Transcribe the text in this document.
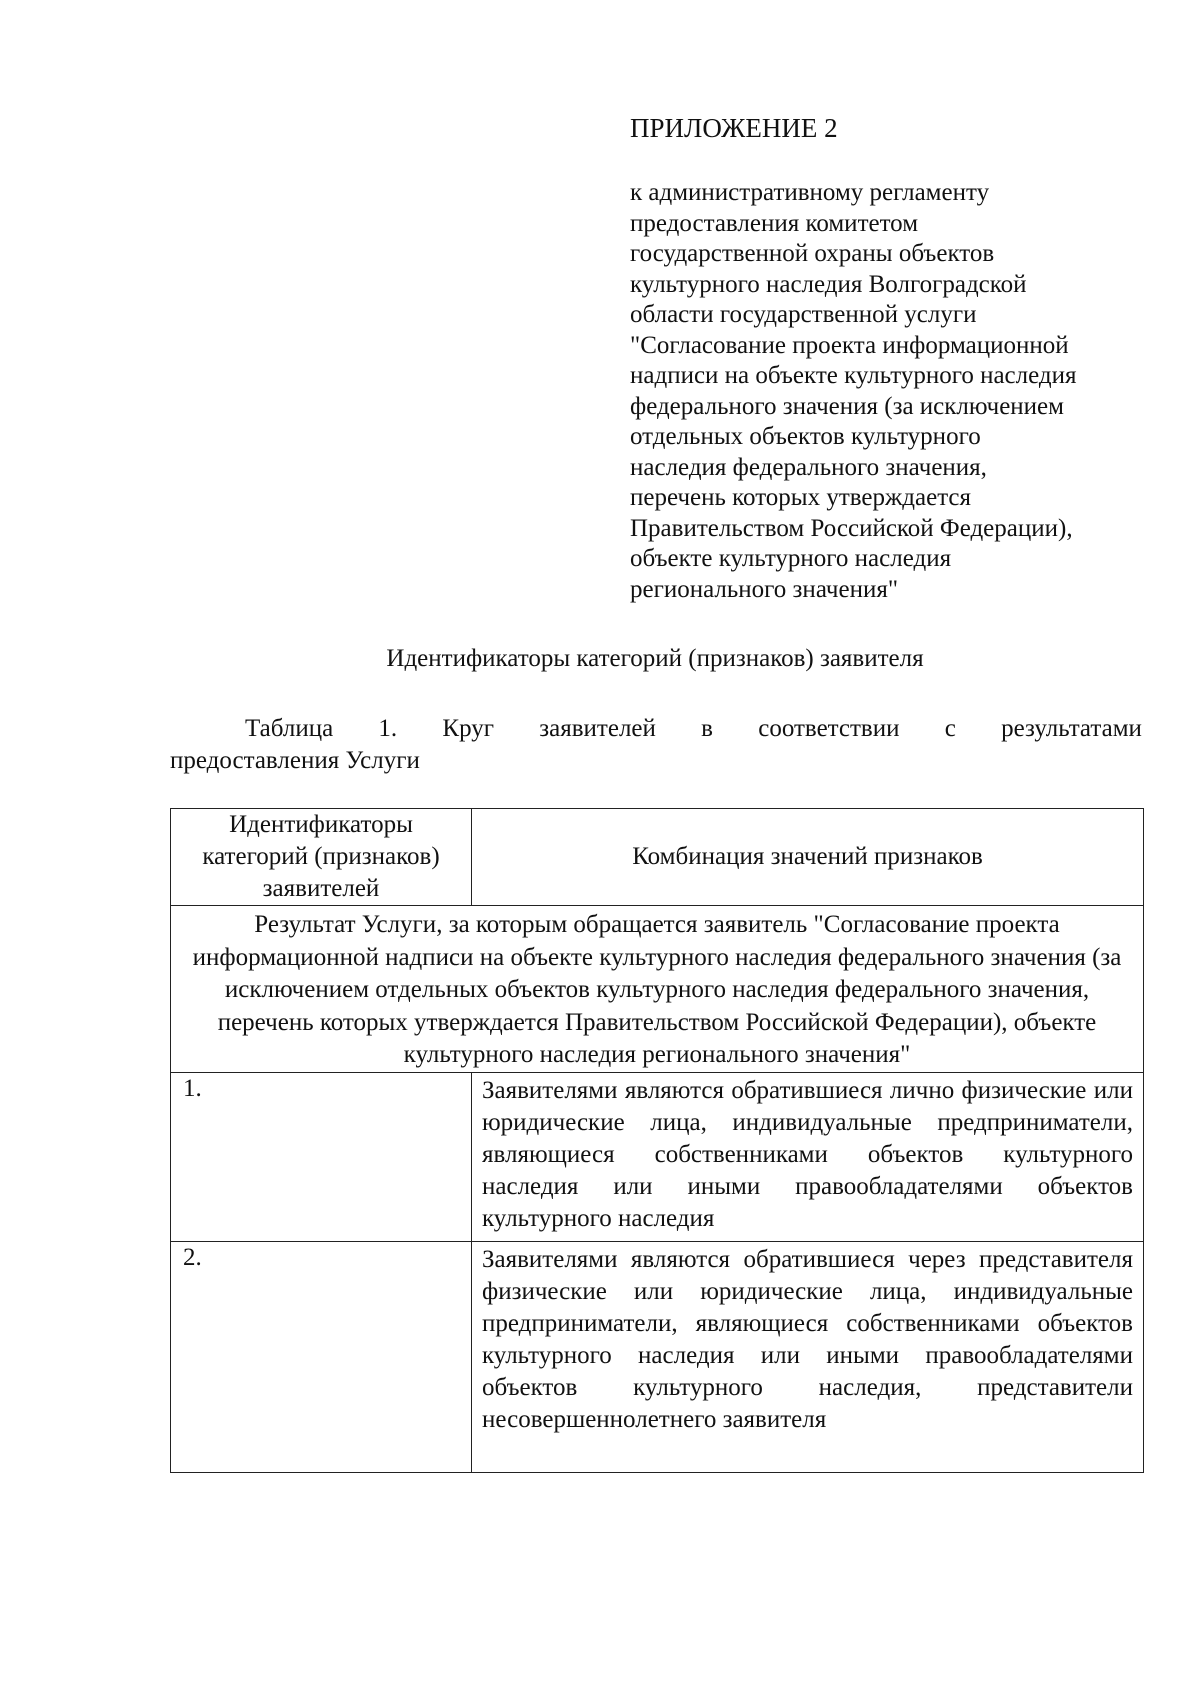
ПРИЛОЖЕНИЕ 2

к административному регламенту
предоставления комитетом
государственной охраны объектов
культурного наследия Волгоградской
области государственной услуги
"Согласование проекта информационной
надписи на объекте культурного наследия
федерального значения (за исключением
отдельных объектов культурного
наследия федерального значения,
перечень которых утверждается
Правительством Российской Федерации),
объекте культурного наследия
регионального значения"

Идентификаторы категорий (признаков) заявителя
Таблица 1. Круг заявителей в соответствии с результатами
предоставления Услуги
Идентификаторы категорий (признаков) заявителей	Комбинация значений признаков
Результат Услуги, за которым обращается заявитель "Согласование проекта информационной надписи на объекте культурного наследия федерального значения (за исключением отдельных объектов культурного наследия федерального значения, перечень которых утверждается Правительством Российской Федерации), объекте культурного наследия регионального значения"	
1.	Заявителями являются обратившиеся лично физические или юридические лица, индивидуальные предприниматели, являющиеся собственниками объектов культурного наследия или иными правообладателями объектов культурного наследия
2.	Заявителями являются обратившиеся через представителя физические или юридические лица, индивидуальные предприниматели, являющиеся собственниками объектов культурного наследия или иными правообладателями объектов культурного наследия, представители несовершеннолетнего заявителя
